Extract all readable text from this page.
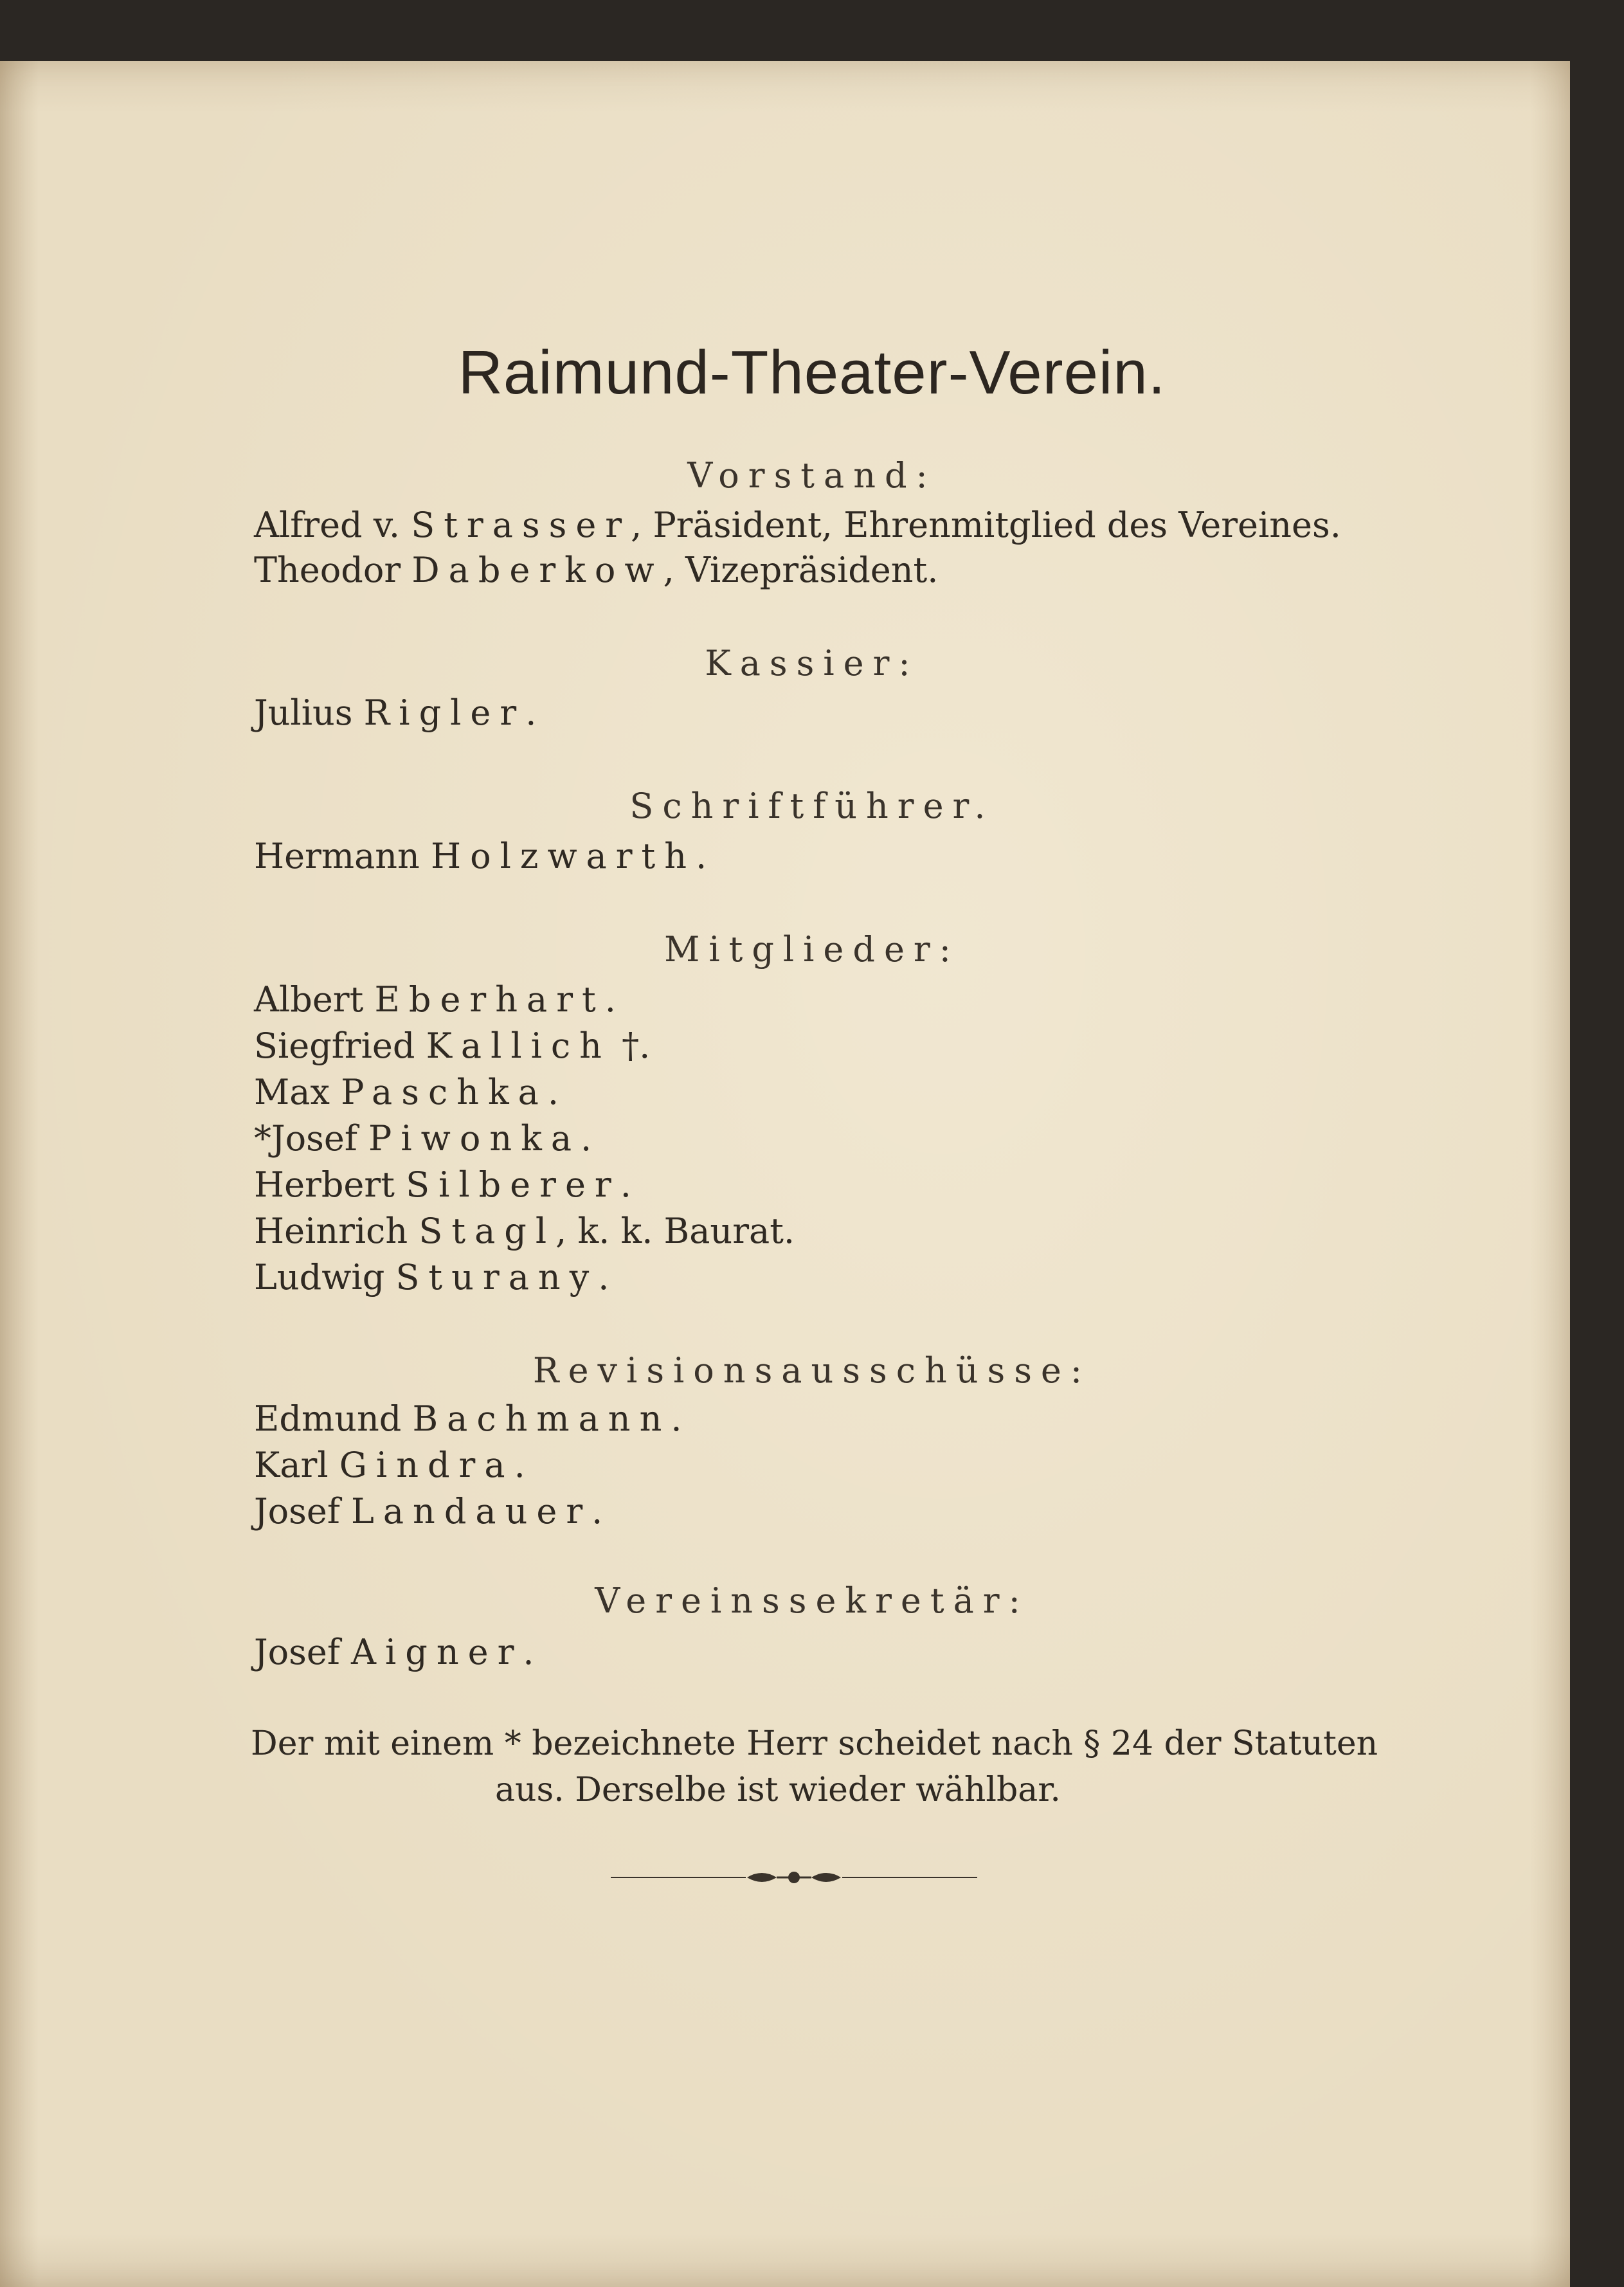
Raimund-Theater-Verein.
Vorstand:
Alfred v. Strasser, Präsident, Ehrenmitglied des Vereines.
Theodor Daberkow, Vizepräsident.
Kassier:
Julius Rigler.
Schriftführer.
Hermann Holzwarth.
Mitglieder:
Albert Eberhart.
Siegfried Kallich †.
Max Paschka.
*Josef Piwonka.
Herbert Silberer.
Heinrich Stagl, k. k. Baurat.
Ludwig Sturany.
Revisionsausschüsse:
Edmund Bachmann.
Karl Gindra.
Josef Landauer.
Vereinssekretär:
Josef Aigner.
Der mit einem * bezeichnete Herr scheidet nach § 24 der Statuten
aus. Derselbe ist wieder wählbar.
